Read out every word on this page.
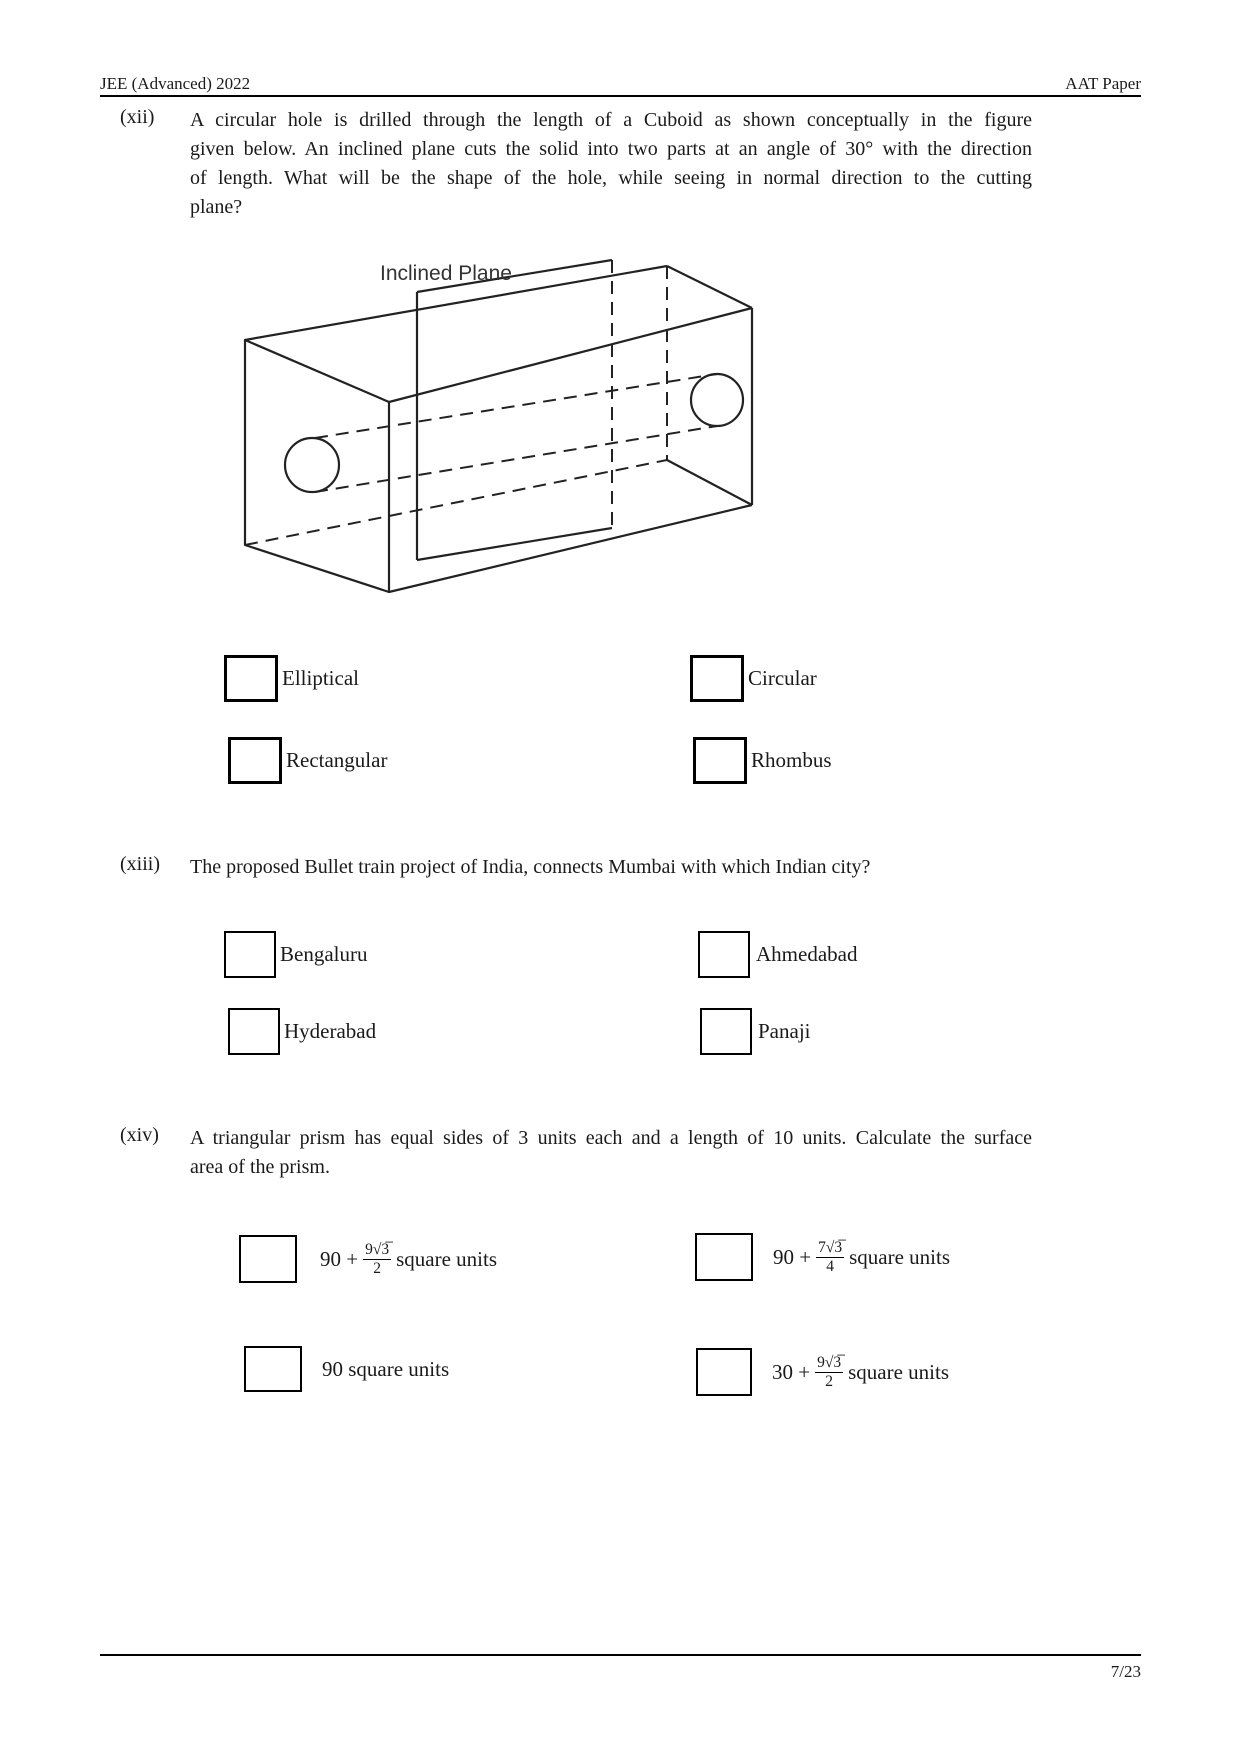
JEE (Advanced) 2022	AAT Paper
(xii) A circular hole is drilled through the length of a Cuboid as shown conceptually in the figure
given below. An inclined plane cuts the solid into two parts at an angle of 30° with the direction
of length. What will be the shape of the hole, while seeing in normal direction to the cutting
plane?
Inclined Plane
Elliptical	Circular
Rectangular	Rhombus
(xiii) The proposed Bullet train project of India, connects Mumbai with which Indian city?
Bengaluru	Ahmedabad
Hyderabad	Panaji
(xiv) A triangular prism has equal sides of 3 units each and a length of 10 units. Calculate the surface
area of the prism.
$90 + \frac{9√3̅}{2}$ square units	$90 + \frac{7√3̅}{4}$ square units
90 square units	$30 + \frac{9√3̅}{2}$ square units
7/23
